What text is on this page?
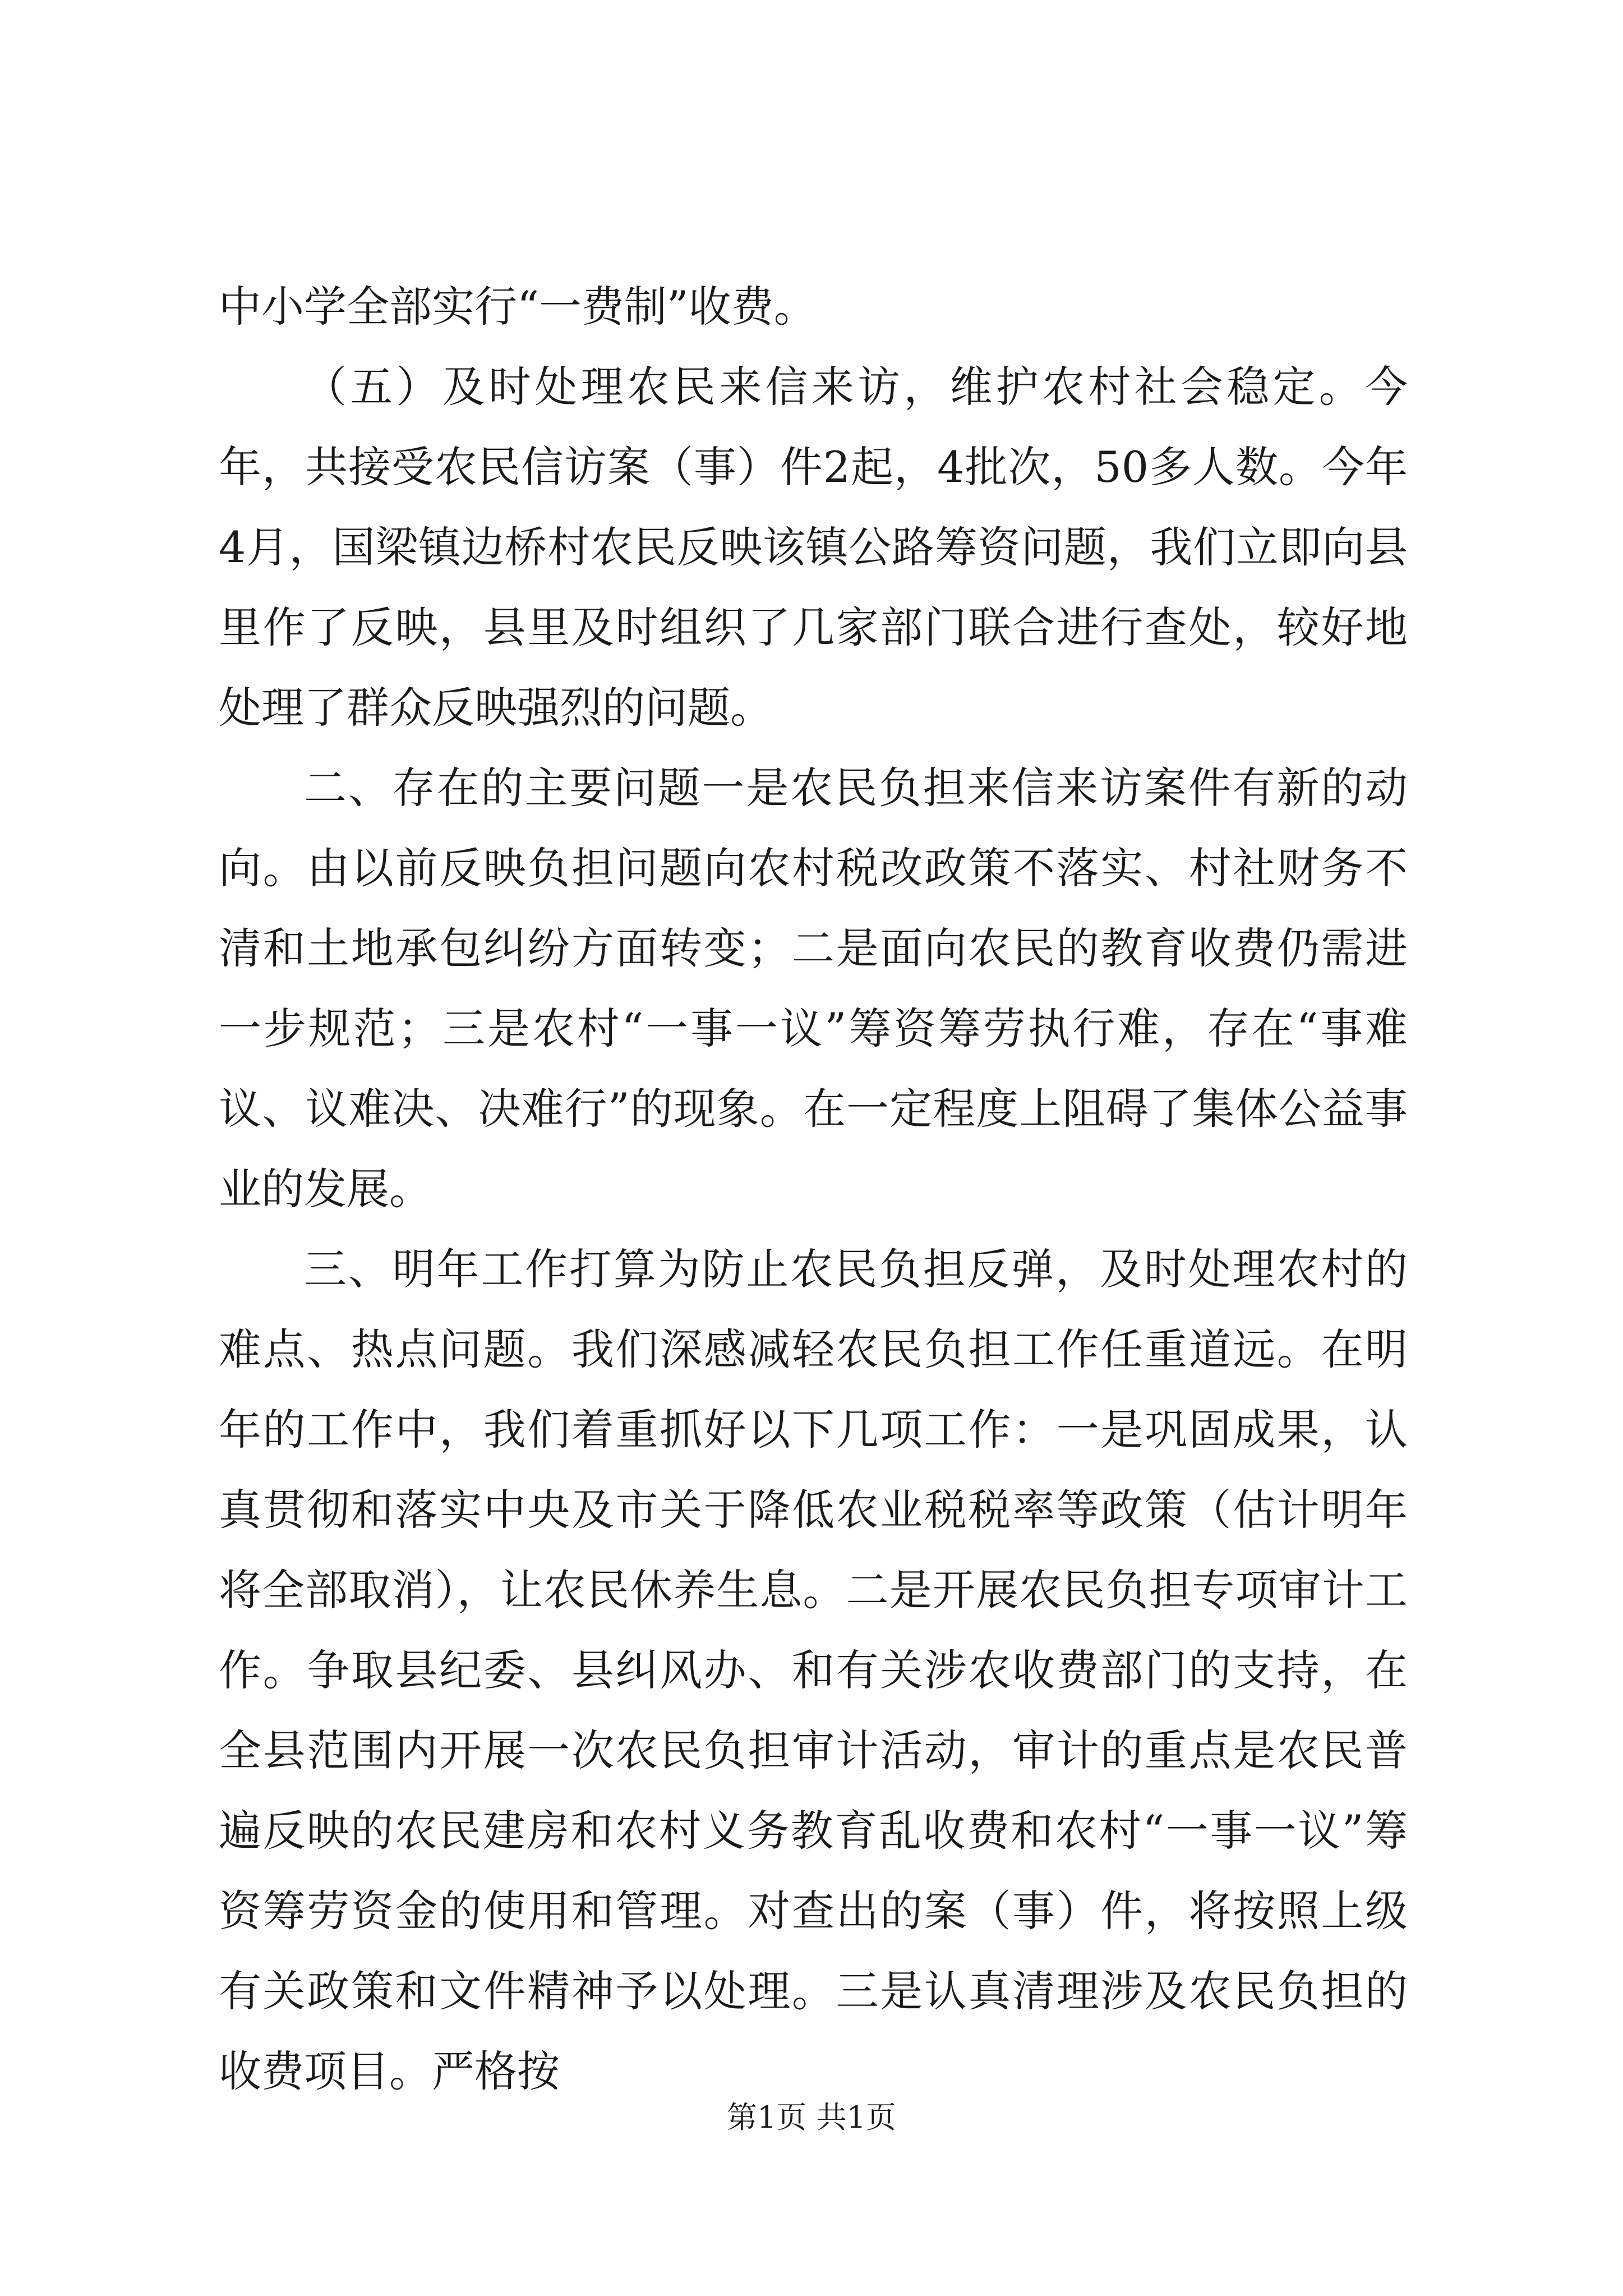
中小学全部实行“一费制”收费。

（五）及时处理农民来信来访，维护农村社会稳定。今年，共接受农民信访案（事）件2起，4批次，50多人数。今年4月，国梁镇边桥村农民反映该镇公路筹资问题，我们立即向县里作了反映，县里及时组织了几家部门联合进行查处，较好地处理了群众反映强烈的问题。

二、存在的主要问题一是农民负担来信来访案件有新的动向。由以前反映负担问题向农村税改政策不落实、村社财务不清和土地承包纠纷方面转变；二是面向农民的教育收费仍需进一步规范；三是农村“一事一议”筹资筹劳执行难，存在“事难议、议难决、决难行”的现象。在一定程度上阻碍了集体公益事业的发展。

三、明年工作打算为防止农民负担反弹，及时处理农村的难点、热点问题。我们深感减轻农民负担工作任重道远。在明年的工作中，我们着重抓好以下几项工作：一是巩固成果，认真贯彻和落实中央及市关于降低农业税税率等政策（估计明年将全部取消），让农民休养生息。二是开展农民负担专项审计工作。争取县纪委、县纠风办、和有关涉农收费部门的支持，在全县范围内开展一次农民负担审计活动，审计的重点是农民普遍反映的农民建房和农村义务教育乱收费和农村“一事一议”筹资筹劳资金的使用和管理。对查出的案（事）件，将按照上级有关政策和文件精神予以处理。三是认真清理涉及农民负担的收费项目。严格按

第1页 共1页
